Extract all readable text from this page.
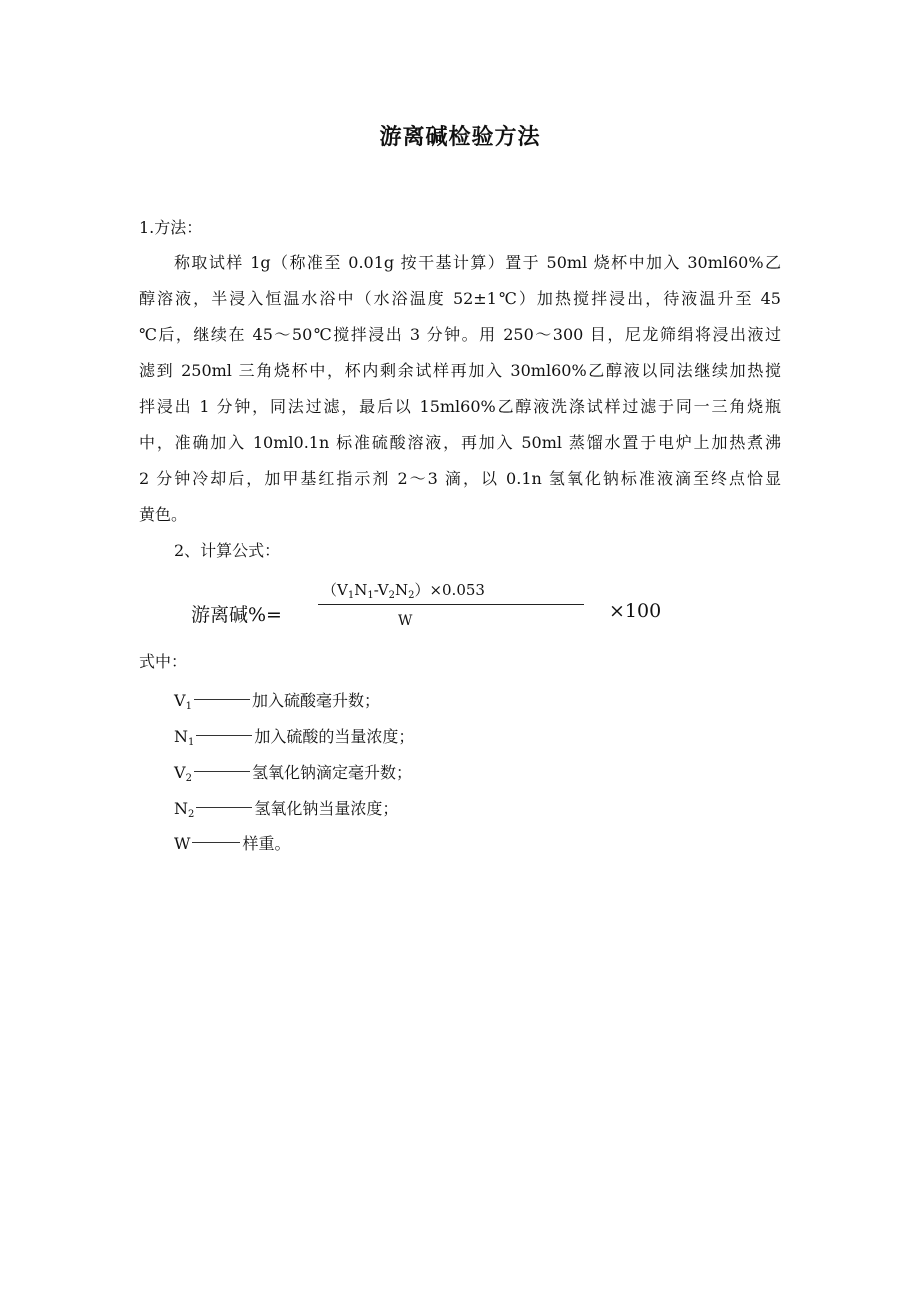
游离碱检验方法
1.方法：
称取试样 1g（称准至 0.01g 按干基计算）置于 50ml 烧杯中加入 30ml60%乙
醇溶液，半浸入恒温水浴中（水浴温度 52±1℃）加热搅拌浸出，待液温升至 45
℃后，继续在 45～50℃搅拌浸出 3 分钟。用 250～300 目，尼龙筛绢将浸出液过
滤到 250ml 三角烧杯中，杯内剩余试样再加入 30ml60%乙醇液以同法继续加热搅
拌浸出 1 分钟，同法过滤，最后以 15ml60%乙醇液洗涤试样过滤于同一三角烧瓶
中，准确加入 10ml0.1n 标准硫酸溶液，再加入 50ml 蒸馏水置于电炉上加热煮沸
2 分钟冷却后，加甲基红指示剂 2～3 滴，以 0.1n 氢氧化钠标准液滴至终点恰显
黄色。
2、计算公式：
游离碱%=
$(V_1N_1-V_2N_2)\times 0.053$
W	×100
式中：
$V_1$	加入硫酸毫升数；
$N_1$	加入硫酸的当量浓度；
$V_2$	氢氧化钠滴定毫升数；
$N_2$	氢氧化钠当量浓度；
W	样重。
